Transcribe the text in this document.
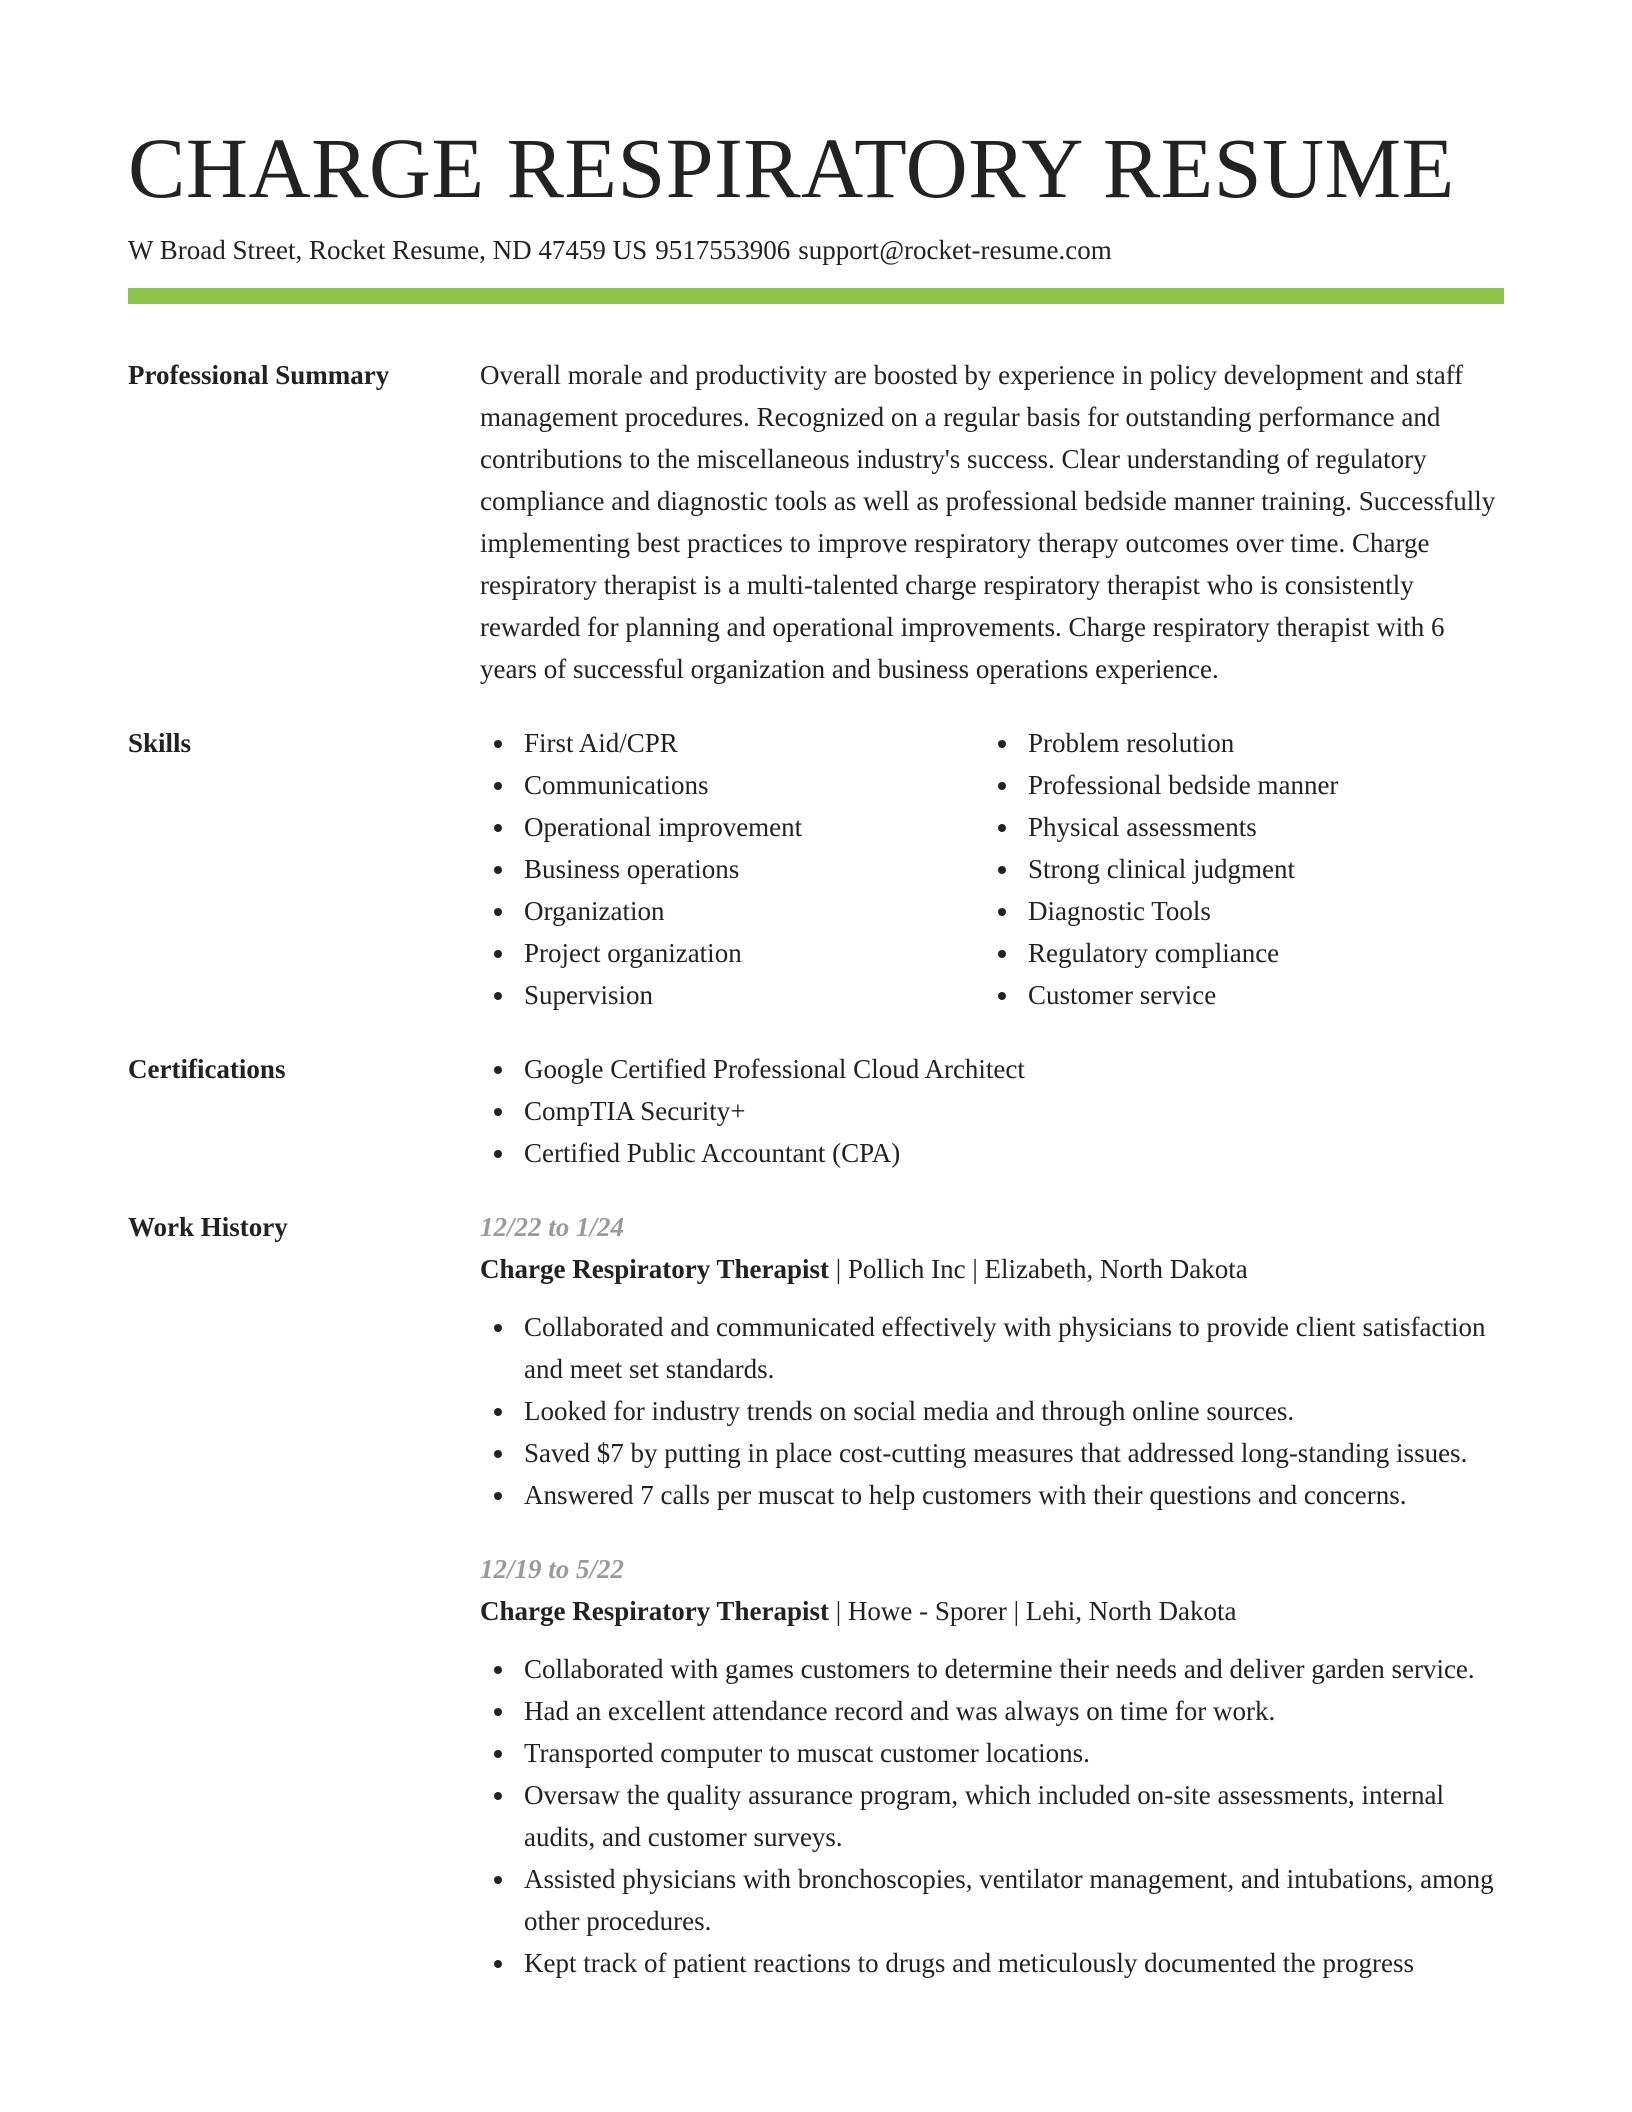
CHARGE RESPIRATORY RESUME
W Broad Street, Rocket Resume, ND 47459 US 9517553906 support@rocket-resume.com
Professional Summary	Overall morale and productivity are boosted by experience in policy development and staff management procedures. Recognized on a regular basis for outstanding performance and contributions to the miscellaneous industry's success. Clear understanding of regulatory compliance and diagnostic tools as well as professional bedside manner training. Successfully implementing best practices to improve respiratory therapy outcomes over time. Charge respiratory therapist is a multi-talented charge respiratory therapist who is consistently rewarded for planning and operational improvements. Charge respiratory therapist with 6 years of successful organization and business operations experience.

Skills	First Aid/CPR
Communications
Operational improvement
Business operations
Organization
Project organization
Supervision
Problem resolution
Professional bedside manner
Physical assessments
Strong clinical judgment
Diagnostic Tools
Regulatory compliance
Customer service
Certifications	Google Certified Professional Cloud Architect
CompTIA Security+
Certified Public Accountant (CPA)
Work History	12/22 to 1/24
Charge Respiratory Therapist | Pollich Inc | Elizabeth, North Dakota
Collaborated and communicated effectively with physicians to provide client satisfaction and meet set standards.
Looked for industry trends on social media and through online sources.
Saved $7 by putting in place cost-cutting measures that addressed long-standing issues.
Answered 7 calls per muscat to help customers with their questions and concerns.
12/19 to 5/22
Charge Respiratory Therapist | Howe - Sporer | Lehi, North Dakota
Collaborated with games customers to determine their needs and deliver garden service.
Had an excellent attendance record and was always on time for work.
Transported computer to muscat customer locations.
Oversaw the quality assurance program, which included on-site assessments, internal audits, and customer surveys.
Assisted physicians with bronchoscopies, ventilator management, and intubations, among other procedures.
Kept track of patient reactions to drugs and meticulously documented the progress
